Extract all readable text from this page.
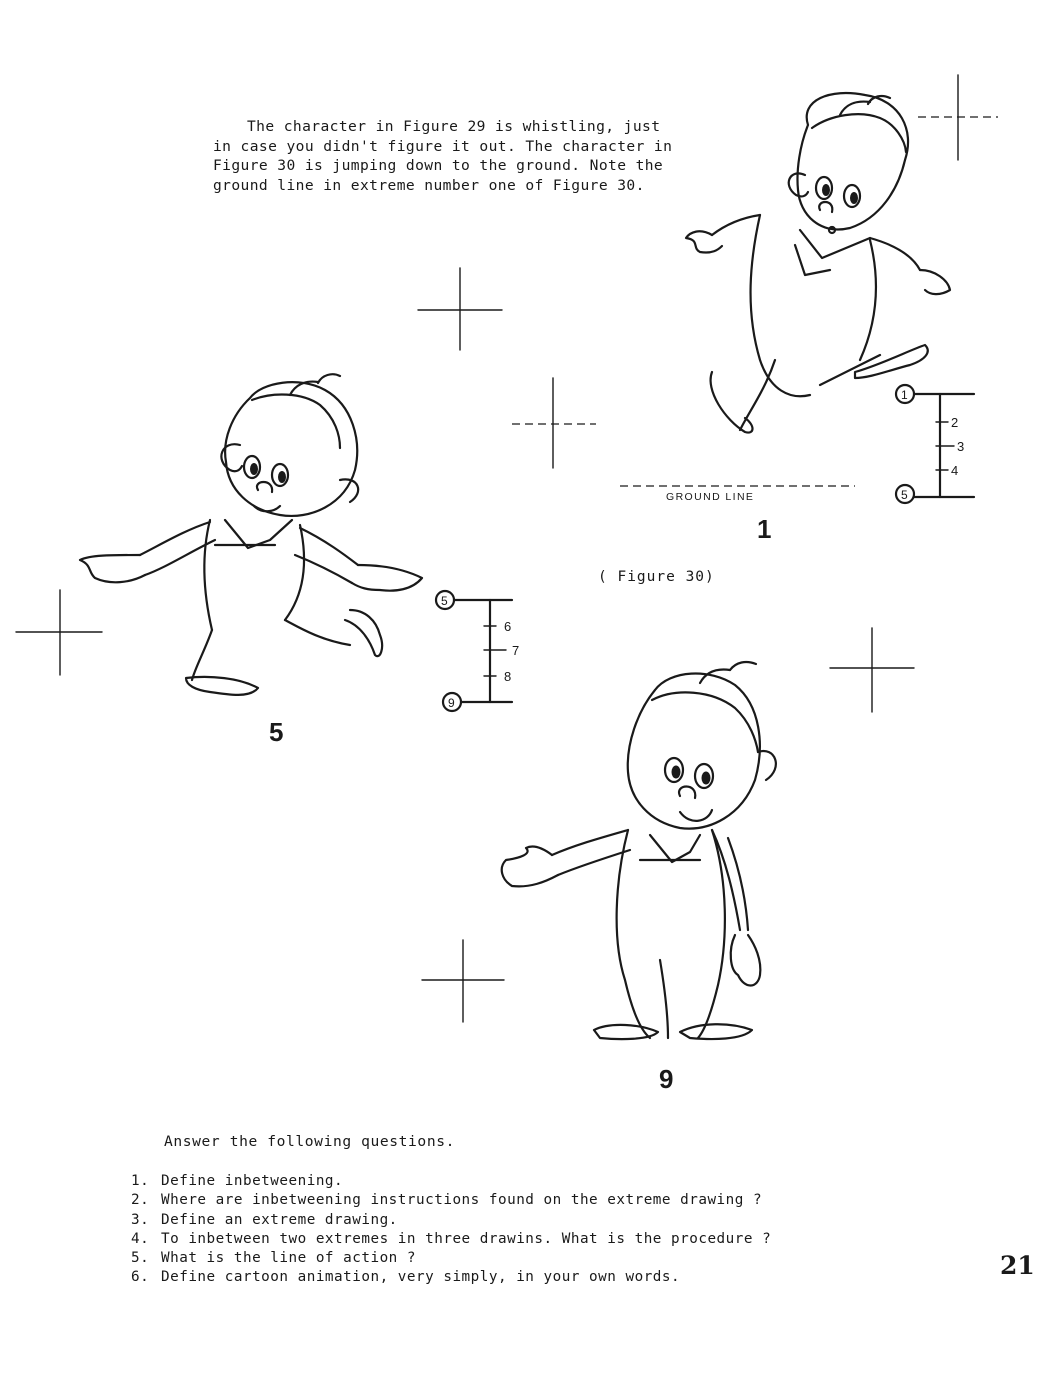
The character in Figure 29 is whistling, just in case you didn't figure it out. The character in Figure 30 is jumping down to the ground. Note the ground line in extreme number one of Figure 30.

1
2
3
4
5
GROUND LINE
5
6
7
8
9
1
5
9
( Figure 30)
Answer the following questions.
1. Define inbetweening.
2. Where are inbetweening instructions found on the extreme drawing ?
3. Define an extreme drawing.
4. To inbetween two extremes in three drawins. What is the procedure ?
5. What is the line of action ?
6. Define cartoon animation, very simply, in your own words.	21
